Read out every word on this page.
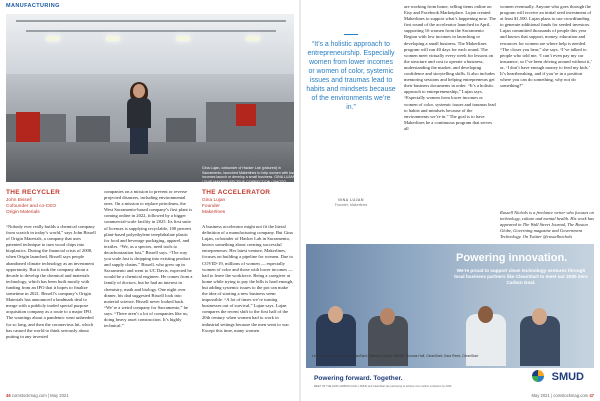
MANUFACTURING
Gina Lujan, cofounder of Hacker Lab (pictured) in Sacramento, launched Makerlines to help women with low-incomes launch or develop a small business. GINA LUJAN / THIS MAKERS RECEIVE CORRECTION / PHOTO CREDIT
THE RECYCLER
John Bissell
Cofounder and co-CEO
Origin Materials
THE ACCELERATOR
Gina Lujan
Founder
Makerlines
“Nobody ever really builds a chemical company from scratch in today’s world,” says John Bissell of Origin Materials, a company that uses patented technique to turn wood chips into bioplastics. During the financial crisis of 2008, when Origin launched, Bissell says people abandoned climate technology as an investment opportunity. But it took the company about a decade to develop the chemical and materials technology, which has been built mostly with funding from an IPO that it hopes to finalize sometime in 2021. Bissell’s company’s Origin Materials has announced a landmark deal to merge with a publicly traded special purpose acquisition company as a route to a major IPO. The warnings about a pandemic went unheeded for so long, and then the coronavirus hit, which has caused the world to think seriously about putting in any invested
companies on a mission to prevent or reverse projected disasters, including environmental ones. On a mission to replace petroleum, the West Sacramento-based company’s first plant is coming online in 2022, followed by a bigger commercial-scale facility in 2025. Its first suite of licenses is supplying recyclable, 100 percent plant-based polyethylene terephthalate plastic for food and beverage packaging, apparel, and textiles. “We, as a species, need tools to decarbonization fast,” Bissell says. “The way you scale fast is dropping into existing product and supply chains.” Bissell, who grew up in Sacramento and went to UC Davis, expected he would be a chemical engineer. He comes from a family of doctors, but he had an interest in chemistry, math and biology. One night over dinner, his dad suggested Bissell look into material science. Bissell never looked back. “We’re a weird company for Sacramento,” he says. “There aren’t a lot of companies like us, doing heavy asset construction. It’s highly technical.”
A business accelerator might not fit the literal definition of a manufacturing company. But Gina Lujan, cofounder of Hacker Lab in Sacramento, knows something about creating successful entrepreneurs. Her latest venture, Makerlines, focuses on building a pipeline for women. Due to COVID-19, millions of women — especially women of color and those with lower incomes — had to leave the workforce. Being a caregiver at home while trying to pay the bills is hard enough, but adding systemic issues to the pot can make the idea of starting a new business seem impossible. “A lot of times we’re turning businesses out of survival,” Lujan says. Lujan compares the recent shift to the first half of the 20th century when women had to work in industrial settings because the men went to war. Except this time, many women
46 comstockmag.com | May 2021
“It’s a holistic approach to entrepreneurship. Especially women from lower incomes or women of color, systemic issues and traumas lead to habits and mindsets because of the environments we’re in.”
GINA LUJAN
Founder, Makerlines
are working from home, selling items online on Etsy and Facebook Marketplace. Lujan created Makerlines to support what’s happening now. The first round of the accelerator launched in April, supporting 16 women from the Sacramento Region with low incomes in launching or developing a small business. The Makerlines program will run 40 days for each round. The women meet virtually every week for lessons on the structure and cost to operate a business, understanding the market, and developing confidence and storytelling skills. It also includes mentoring sessions and helping entrepreneurs get their business documents in order. “It’s a holistic approach to entrepreneurship,” Lujan says. “Especially women from lower incomes or women of color, systemic issues and traumas lead to habits and mindsets because of the environments we’re in.” The goal is to have Makerlines be a continuous program that serves all
women eventually. Anyone who goes through the program will receive an initial seed investment of at least $1,500. Lujan plans to use crowdfunding to generate additional funds for seeded investors. Lujan committed thousands of people this year and knows that support, money, education and resources for women are where help is needed. “The closer you hear,” she says. “I’ve talked to people who told me, ‘I can’t even pay my car insurance, so I’ve been driving around without it,’ or, ‘I don’t have enough money to feed my kids.’ It’s heartbreaking, and if you’re in a position where you can do something, why not do something?”
Russell Nichols is a freelance writer who focuses on technology, culture and mental health. His work has appeared in The Wall Street Journal, The Boston Globe, Governing magazine and Government Technology. On Twitter @russellnichols
Powering innovation.
We’re proud to support clean technology ventures through local business partners like CleanStart to meet our 2030 Zero Carbon Goal.
Left to right: Gary Simon, CleanStart; Solomon Dixon, SMUD; Thomas Hall, CleanStart; Kara Reed, CleanStart
Powering forward. Together.
MEET OF THE 2030 CARBON GOAL | SMUD and CleanStart are partnering to achieve zero carbon emissions by 2030
SMUD
May 2021 | comstockmag.com 47
